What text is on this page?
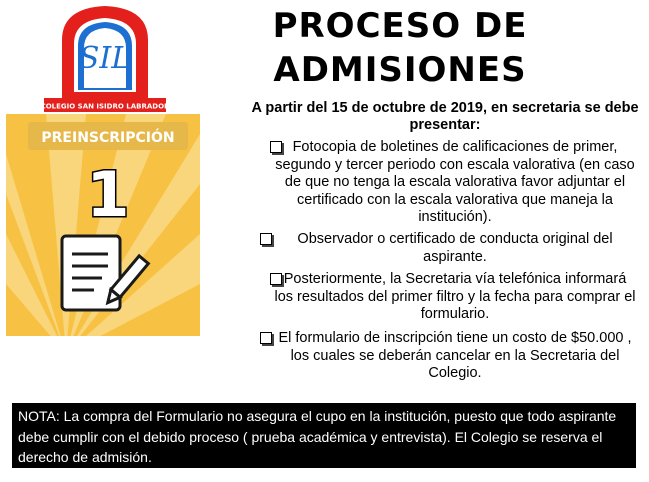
SIL
COLEGIO SAN ISIDRO LABRADOR
PROCESO DE
ADMISIONES
PREINSCRIPCIÓN
1
A partir del 15 de octubre de 2019, en secretaria se debe presentar:
Fotocopia de boletines de calificaciones de primer, segundo y tercer periodo con escala valorativa (en caso de que no tenga la escala valorativa favor adjuntar el certificado con la escala valorativa que maneja la institución).
Observador o certificado de conducta original del aspirante.
Posteriormente, la Secretaria vía telefónica informará los resultados del primer filtro y la fecha para comprar el formulario.
El formulario de inscripción tiene un costo de $50.000 , los cuales se deberán cancelar en la Secretaria del Colegio.
NOTA: La compra del Formulario no asegura el cupo en la institución, puesto que todo aspirante debe cumplir con el debido proceso ( prueba académica y entrevista). El Colegio se reserva el derecho de admisión.
